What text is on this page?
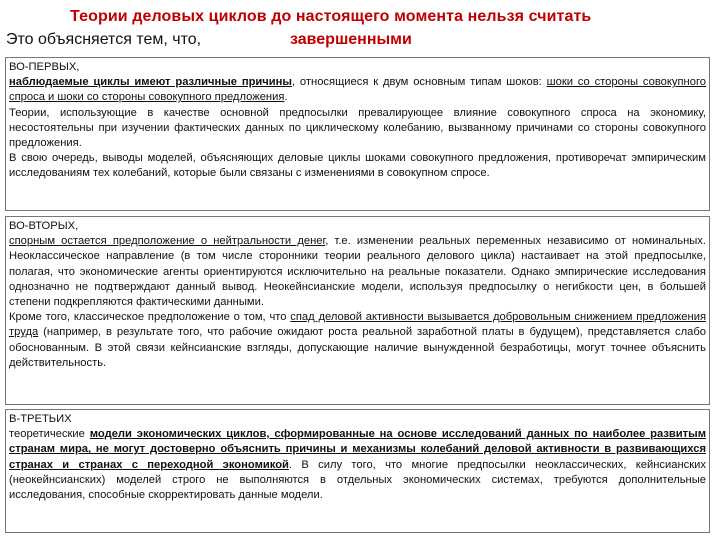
Теории деловых циклов до настоящего момента нельзя считать
Это объясняется тем, что,	завершенными
ВО-ПЕРВЫХ,

наблюдаемые циклы имеют различные причины, относящиеся к двум основным типам шоков: шоки со стороны совокупного спроса и шоки со стороны совокупного предложения.

Теории, использующие в качестве основной предпосылки превалирующее влияние совокупного спроса на экономику, несостоятельны при изучении фактических данных по циклическому колебанию, вызванному причинами со стороны совокупного предложения.

В свою очередь, выводы моделей, объясняющих деловые циклы шоками совокупного предложения, противоречат эмпирическим исследованиям тех колебаний, которые были связаны с изменениями в совокупном спросе.

ВО-ВТОРЫХ,

спорным остается предположение о нейтральности денег, т.е. изменении реальных переменных независимо от номинальных. Неоклассическое направление (в том числе сторонники теории реального делового цикла) настаивает на этой предпосылке, полагая, что экономические агенты ориентируются исключительно на реальные показатели. Однако эмпирические исследования однозначно не подтверждают данный вывод. Неокейнсианские модели, используя предпосылку о негибкости цен, в большей степени подкрепляются фактическими данными.

Кроме того, классическое предположение о том, что спад деловой активности вызывается добровольным снижением предложения труда (например, в результате того, что рабочие ожидают роста реальной заработной платы в будущем), представляется слабо обоснованным. В этой связи кейнсианские взгляды, допускающие наличие вынужденной безработицы, могут точнее объяснить действительность.

В-ТРЕТЬИХ

теоретические модели экономических циклов, сформированные на основе исследований данных по наиболее развитым странам мира, не могут достоверно объяснить причины и механизмы колебаний деловой активности в развивающихся странах и странах с переходной экономикой. В силу того, что многие предпосылки неоклассических, кейнсианских (неокейнсианских) моделей строго не выполняются в отдельных экономических системах, требуются дополнительные исследования, способные скорректировать данные модели.
